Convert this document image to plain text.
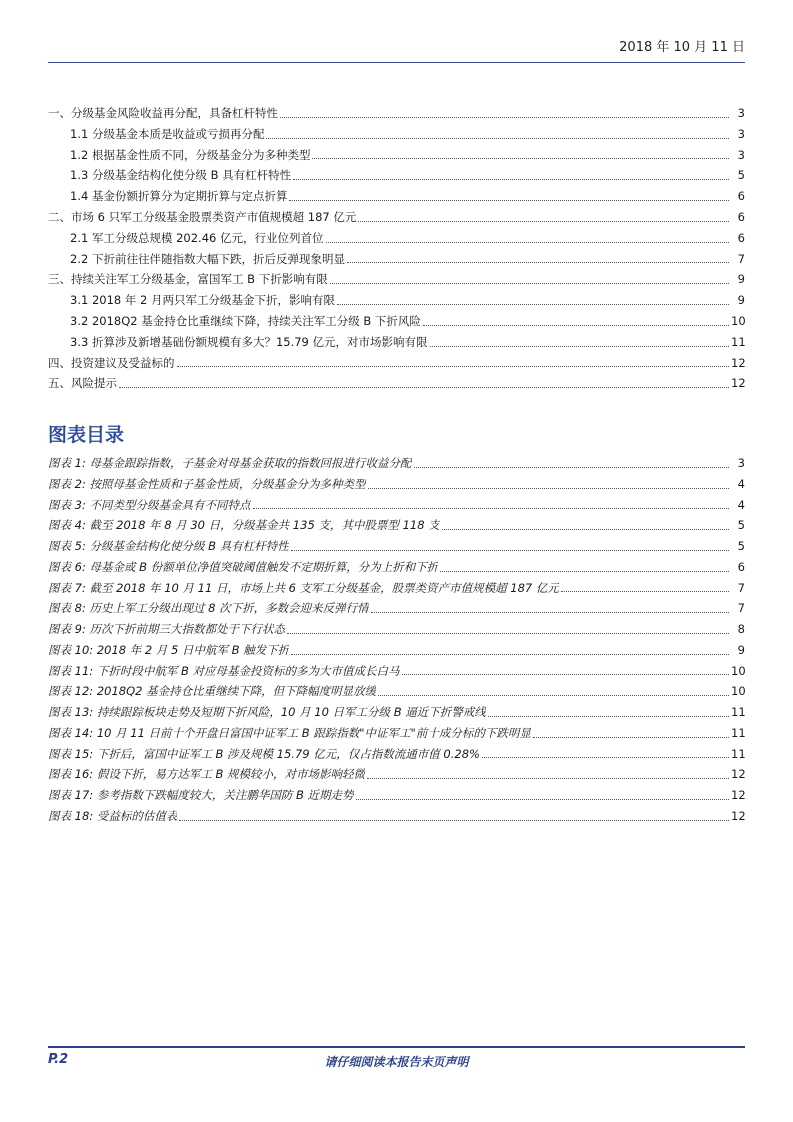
2018 年 10 月 11 日
一、分级基金风险收益再分配，具备杠杆特性	3
1.1 分级基金本质是收益或亏损再分配	3
1.2 根据基金性质不同，分级基金分为多种类型	3
1.3 分级基金结构化使分级 B 具有杠杆特性	5
1.4 基金份额折算分为定期折算与定点折算	6
二、市场 6 只军工分级基金股票类资产市值规模超 187 亿元	6
2.1 军工分级总规模 202.46 亿元，行业位列首位	6
2.2 下折前往往伴随指数大幅下跌，折后反弹现象明显	7
三、持续关注军工分级基金，富国军工 B 下折影响有限	9
3.1 2018 年 2 月两只军工分级基金下折，影响有限	9
3.2 2018Q2 基金持仓比重继续下降，持续关注军工分级 B 下折风险	10
3.3 折算涉及新增基础份额规模有多大？15.79 亿元，对市场影响有限	11
四、投资建议及受益标的	12
五、风险提示	12
图表目录
图表 1: 母基金跟踪指数，子基金对母基金获取的指数回报进行收益分配	3
图表 2: 按照母基金性质和子基金性质，分级基金分为多种类型	4
图表 3: 不同类型分级基金具有不同特点	4
图表 4: 截至 2018 年 8 月 30 日，分级基金共 135 支，其中股票型 118 支	5
图表 5: 分级基金结构化使分级 B 具有杠杆特性	5
图表 6: 母基金或 B 份额单位净值突破阈值触发不定期折算，分为上折和下折	6
图表 7: 截至 2018 年 10 月 11 日，市场上共 6 支军工分级基金，股票类资产市值规模超 187 亿元	7
图表 8: 历史上军工分级出现过 8 次下折，多数会迎来反弹行情	7
图表 9: 历次下折前期三大指数都处于下行状态	8
图表 10: 2018 年 2 月 5 日中航军 B 触发下折	9
图表 11: 下折时段中航军 B 对应母基金投资标的多为大市值成长白马	10
图表 12: 2018Q2 基金持仓比重继续下降，但下降幅度明显放缓	10
图表 13: 持续跟踪板块走势及短期下折风险，10 月 10 日军工分级 B 逼近下折警戒线	11
图表 14: 10 月 11 日前十个开盘日富国中证军工 B 跟踪指数"中证军工"前十成分标的下跌明显	11
图表 15: 下折后，富国中证军工 B 涉及规模 15.79 亿元，仅占指数流通市值 0.28%	11
图表 16: 假设下折，易方达军工 B 规模较小，对市场影响轻微	12
图表 17: 参考指数下跌幅度较大，关注鹏华国防 B 近期走势	12
图表 18: 受益标的估值表	12
P.2	请仔细阅读本报告末页声明
